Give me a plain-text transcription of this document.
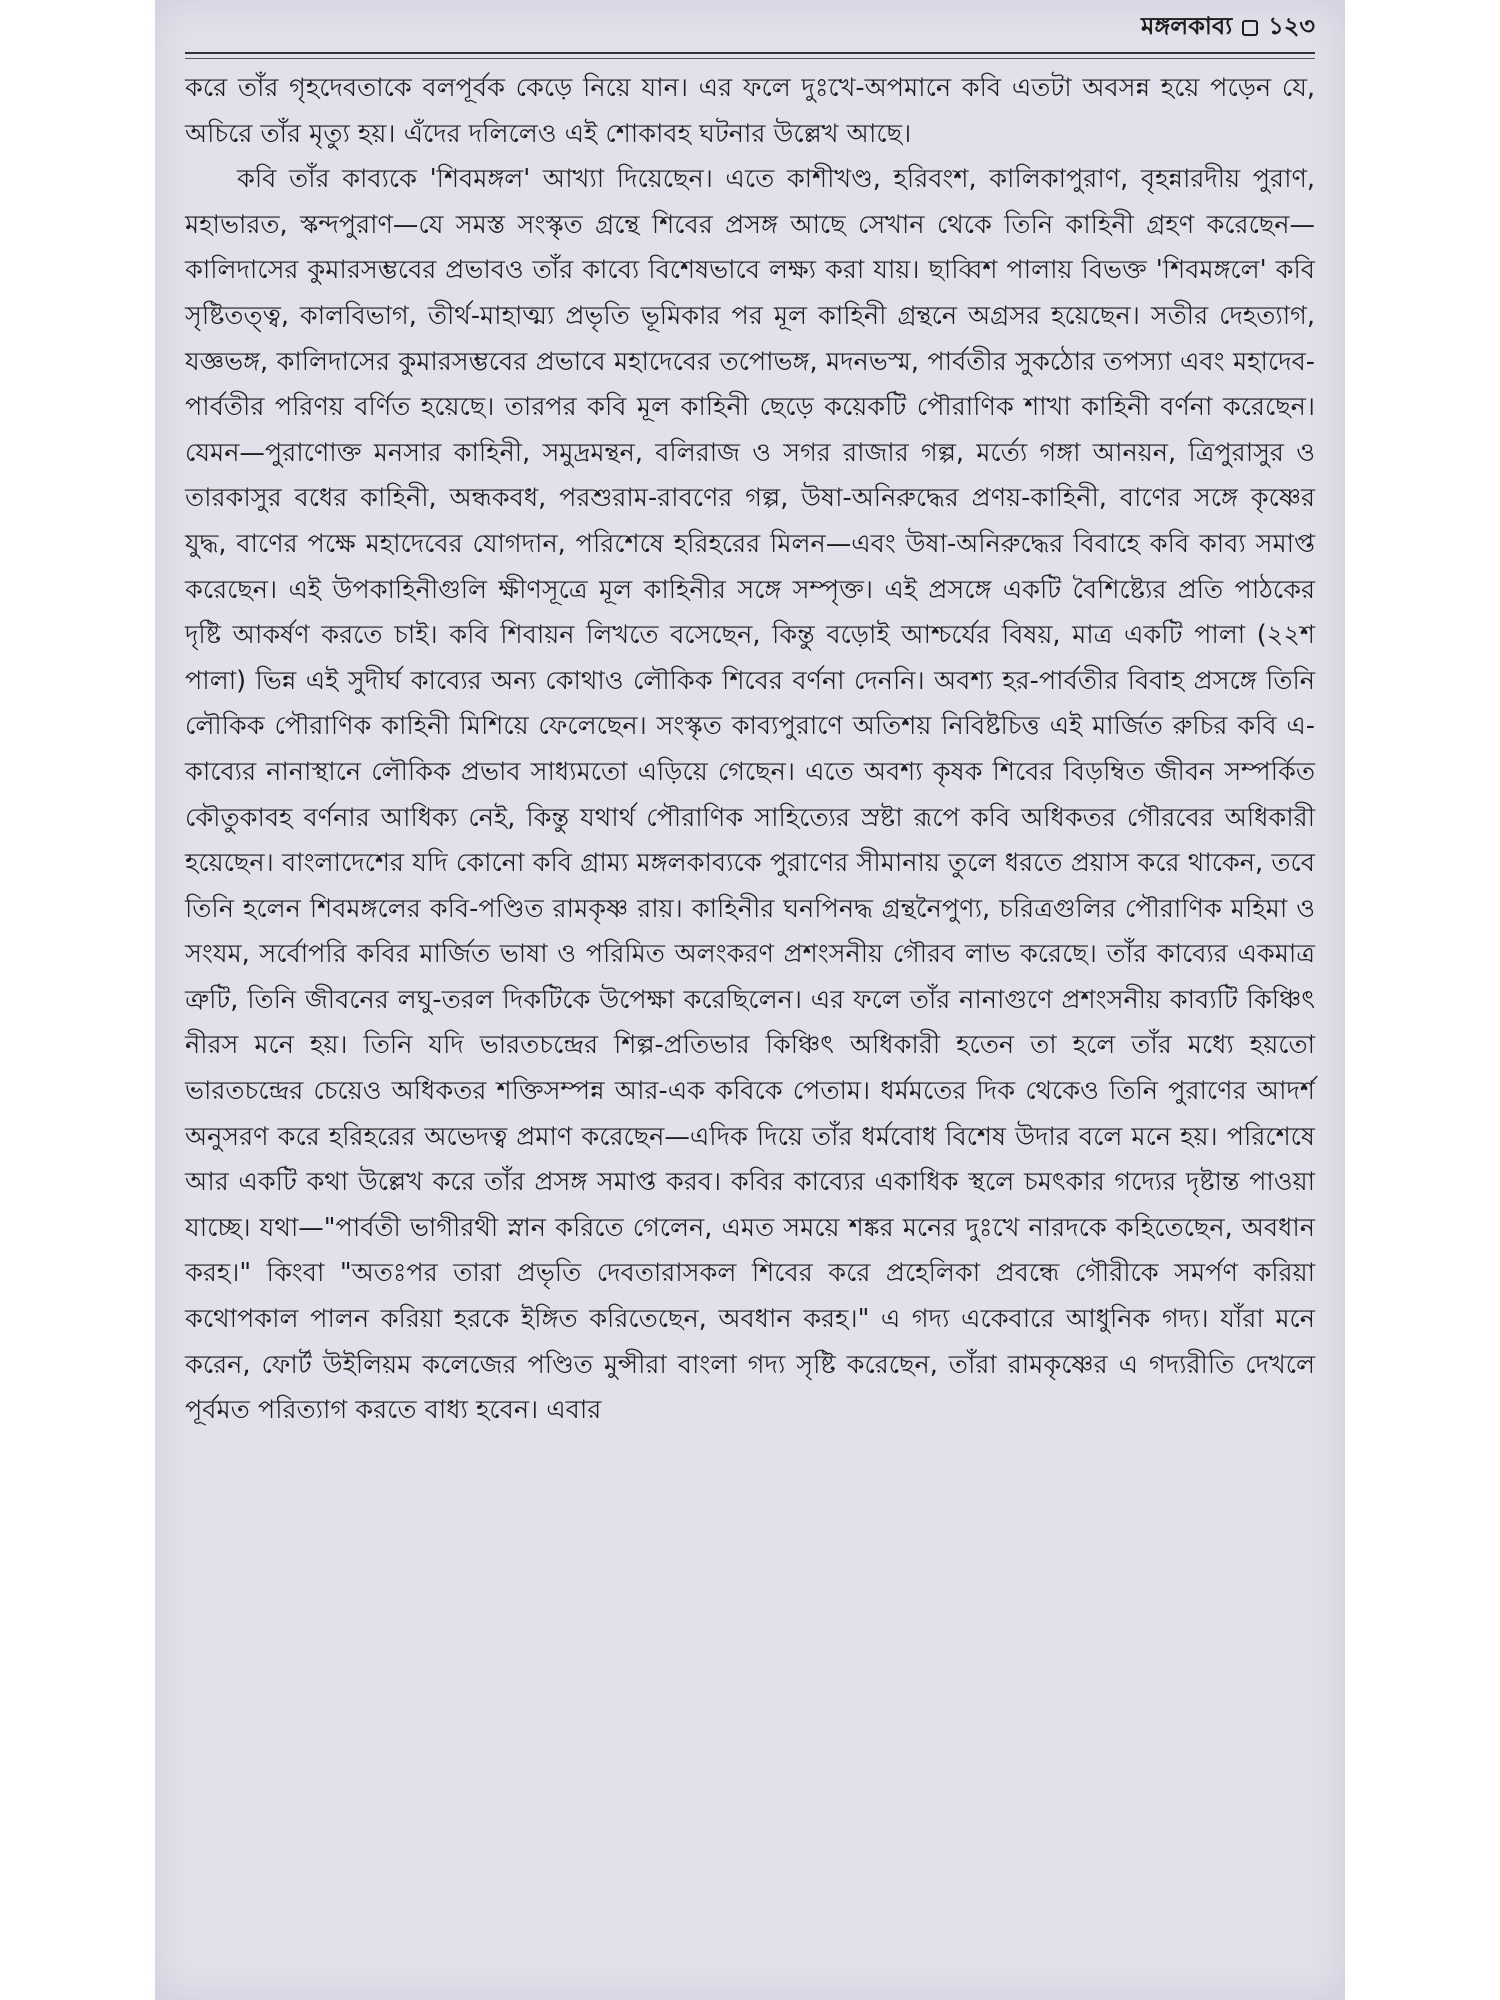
মঙ্গলকাব্য ১২৩

করে তাঁর গৃহদেবতাকে বলপূর্বক কেড়ে নিয়ে যান। এর ফলে দুঃখে-অপমানে কবি এতটা অবসন্ন হয়ে পড়েন যে, অচিরে তাঁর মৃত্যু হয়। এঁদের দলিলেও এই শোকাবহ ঘটনার উল্লেখ আছে।

কবি তাঁর কাব্যকে 'শিবমঙ্গল' আখ্যা দিয়েছেন। এতে কাশীখণ্ড, হরিবংশ, কালিকাপুরাণ, বৃহন্নারদীয় পুরাণ, মহাভারত, স্কন্দপুরাণ—যে সমস্ত সংস্কৃত গ্রন্থে শিবের প্রসঙ্গ আছে সেখান থেকে তিনি কাহিনী গ্রহণ করেছেন—কালিদাসের কুমারসম্ভবের প্রভাবও তাঁর কাব্যে বিশেষভাবে লক্ষ্য করা যায়। ছাব্বিশ পালায় বিভক্ত 'শিবমঙ্গলে' কবি সৃষ্টিতত্ত্ব, কালবিভাগ, তীর্থ-মাহাত্ম্য প্রভৃতি ভূমিকার পর মূল কাহিনী গ্রন্থনে অগ্রসর হয়েছেন। সতীর দেহত্যাগ, যজ্ঞভঙ্গ, কালিদাসের কুমারসম্ভবের প্রভাবে মহাদেবের তপোভঙ্গ, মদনভস্ম, পার্বতীর সুকঠোর তপস্যা এবং মহাদেব-পার্বতীর পরিণয় বর্ণিত হয়েছে। তারপর কবি মূল কাহিনী ছেড়ে কয়েকটি পৌরাণিক শাখা কাহিনী বর্ণনা করেছেন। যেমন—পুরাণোক্ত মনসার কাহিনী, সমুদ্রমন্থন, বলিরাজ ও সগর রাজার গল্প, মর্ত্যে গঙ্গা আনয়ন, ত্রিপুরাসুর ও তারকাসুর বধের কাহিনী, অন্ধকবধ, পরশুরাম-রাবণের গল্প, উষা-অনিরুদ্ধের প্রণয়-কাহিনী, বাণের সঙ্গে কৃষ্ণের যুদ্ধ, বাণের পক্ষে মহাদেবের যোগদান, পরিশেষে হরিহরের মিলন—এবং উষা-অনিরুদ্ধের বিবাহে কবি কাব্য সমাপ্ত করেছেন। এই উপকাহিনীগুলি ক্ষীণসূত্রে মূল কাহিনীর সঙ্গে সম্পৃক্ত। এই প্রসঙ্গে একটি বৈশিষ্ট্যের প্রতি পাঠকের দৃষ্টি আকর্ষণ করতে চাই। কবি শিবায়ন লিখতে বসেছেন, কিন্তু বড়োই আশ্চর্যের বিষয়, মাত্র একটি পালা (২২শ পালা) ভিন্ন এই সুদীর্ঘ কাব্যের অন্য কোথাও লৌকিক শিবের বর্ণনা দেননি। অবশ্য হর-পার্বতীর বিবাহ প্রসঙ্গে তিনি লৌকিক পৌরাণিক কাহিনী মিশিয়ে ফেলেছেন। সংস্কৃত কাব্যপুরাণে অতিশয় নিবিষ্টচিত্ত এই মার্জিত রুচির কবি এ-কাব্যের নানাস্থানে লৌকিক প্রভাব সাধ্যমতো এড়িয়ে গেছেন। এতে অবশ্য কৃষক শিবের বিড়ম্বিত জীবন সম্পর্কিত কৌতুকাবহ বর্ণনার আধিক্য নেই, কিন্তু যথার্থ পৌরাণিক সাহিত্যের স্রষ্টা রূপে কবি অধিকতর গৌরবের অধিকারী হয়েছেন। বাংলাদেশের যদি কোনো কবি গ্রাম্য মঙ্গলকাব্যকে পুরাণের সীমানায় তুলে ধরতে প্রয়াস করে থাকেন, তবে তিনি হলেন শিবমঙ্গলের কবি-পণ্ডিত রামকৃষ্ণ রায়। কাহিনীর ঘনপিনদ্ধ গ্রন্থনৈপুণ্য, চরিত্রগুলির পৌরাণিক মহিমা ও সংযম, সর্বোপরি কবির মার্জিত ভাষা ও পরিমিত অলংকরণ প্রশংসনীয় গৌরব লাভ করেছে। তাঁর কাব্যের একমাত্র ত্রুটি, তিনি জীবনের লঘু-তরল দিকটিকে উপেক্ষা করেছিলেন। এর ফলে তাঁর নানাগুণে প্রশংসনীয় কাব্যটি কিঞ্চিৎ নীরস মনে হয়। তিনি যদি ভারতচন্দ্রের শিল্প-প্রতিভার কিঞ্চিৎ অধিকারী হতেন তা হলে তাঁর মধ্যে হয়তো ভারতচন্দ্রের চেয়েও অধিকতর শক্তিসম্পন্ন আর-এক কবিকে পেতাম। ধর্মমতের দিক থেকেও তিনি পুরাণের আদর্শ অনুসরণ করে হরিহরের অভেদত্ব প্রমাণ করেছেন—এদিক দিয়ে তাঁর ধর্মবোধ বিশেষ উদার বলে মনে হয়। পরিশেষে আর একটি কথা উল্লেখ করে তাঁর প্রসঙ্গ সমাপ্ত করব। কবির কাব্যের একাধিক স্থলে চমৎকার গদ্যের দৃষ্টান্ত পাওয়া যাচ্ছে। যথা—"পার্বতী ভাগীরথী স্নান করিতে গেলেন, এমত সময়ে শঙ্কর মনের দুঃখে নারদকে কহিতেছেন, অবধান করহ।" কিংবা "অতঃপর তারা প্রভৃতি দেবতারাসকল শিবের করে প্রহেলিকা প্রবন্ধে গৌরীকে সমর্পণ করিয়া কথোপকাল পালন করিয়া হরকে ইঙ্গিত করিতেছেন, অবধান করহ।" এ গদ্য একেবারে আধুনিক গদ্য। যাঁরা মনে করেন, ফোর্ট উইলিয়ম কলেজের পণ্ডিত মুন্সীরা বাংলা গদ্য সৃষ্টি করেছেন, তাঁরা রামকৃষ্ণের এ গদ্যরীতি দেখলে পূর্বমত পরিত্যাগ করতে বাধ্য হবেন। এবার
